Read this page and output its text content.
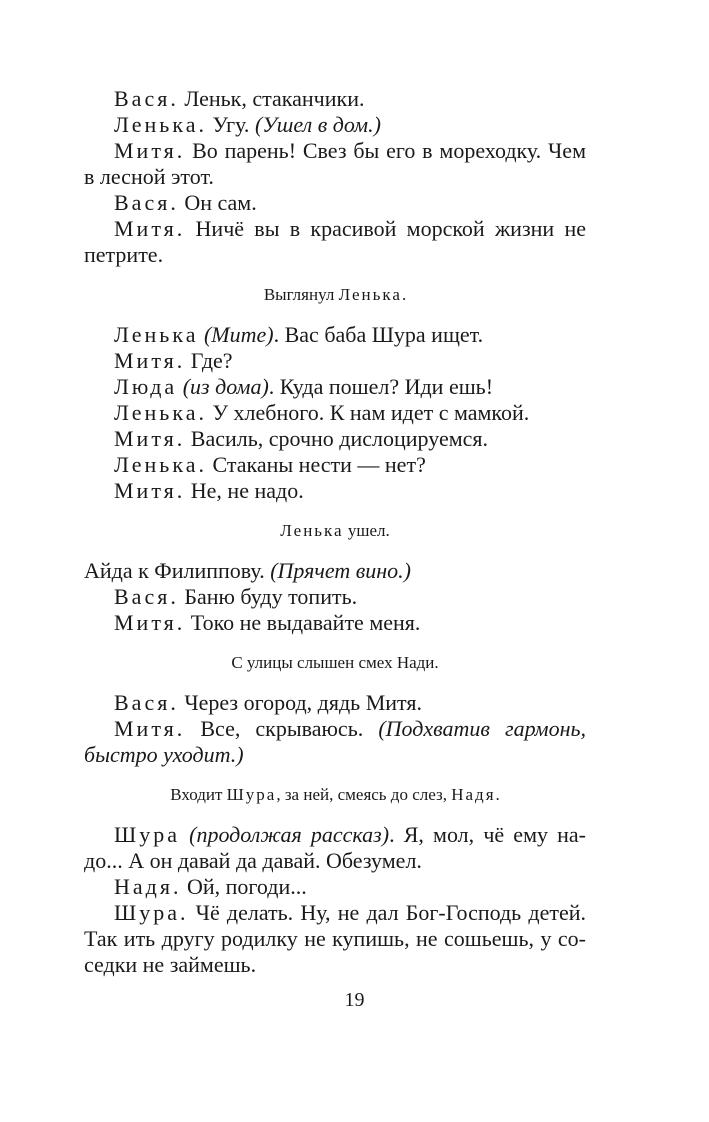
Вася. Леньк, стаканчики.
Ленька. Угу. (Ушел в дом.)
Митя. Во парень! Свез бы его в мореходку. Чем
в лесной этот.
Вася. Он сам.
Митя. Ничё вы в красивой морской жизни не
петрите.
Выглянул Ленька.
Ленька (Мите). Вас баба Шура ищет.
Митя. Где?
Люда (из дома). Куда пошел? Иди ешь!
Ленька. У хлебного. К нам идет с мамкой.
Митя. Василь, срочно дислоцируемся.
Ленька. Стаканы нести — нет?
Митя. Не, не надо.
Ленька ушел.
Айда к Филиппову. (Прячет вино.)
Вася. Баню буду топить.
Митя. Токо не выдавайте меня.
С улицы слышен смех Нади.
Вася. Через огород, дядь Митя.
Митя. Все, скрываюсь. (Подхватив гармонь,
быстро уходит.)
Входит Шура, за ней, смеясь до слез, Надя.
Шура (продолжая рассказ). Я, мол, чё ему на-
до... А он давай да давай. Обезумел.
Надя. Ой, погоди...
Шура. Чё делать. Ну, не дал Бог-Господь детей.
Так ить другу родилку не купишь, не сошьешь, у со-
седки не займешь.
19
